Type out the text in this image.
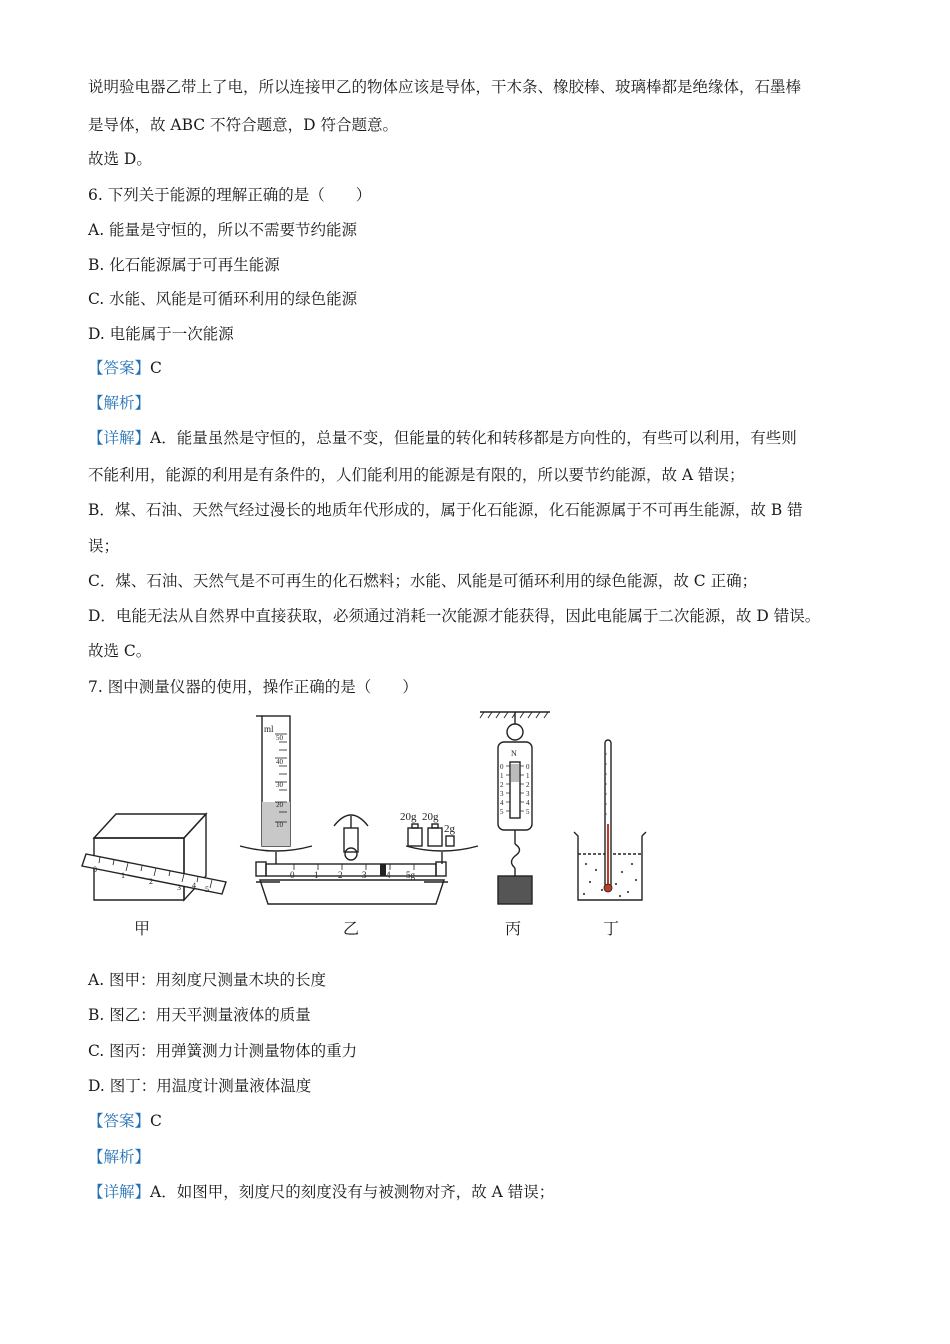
说明验电器乙带上了电，所以连接甲乙的物体应该是导体，干木条、橡胶棒、玻璃棒都是绝缘体，石墨棒
是导体，故 ABC 不符合题意，D 符合题意。
故选 D。
6. 下列关于能源的理解正确的是（　　）
A. 能量是守恒的，所以不需要节约能源
B. 化石能源属于可再生能源
C. 水能、风能是可循环利用的绿色能源
D. 电能属于一次能源
【答案】C
【解析】
【详解】A．能量虽然是守恒的，总量不变，但能量的转化和转移都是方向性的，有些可以利用，有些则
不能利用，能源的利用是有条件的，人们能利用的能源是有限的，所以要节约能源，故 A 错误；
B．煤、石油、天然气经过漫长的地质年代形成的，属于化石能源，化石能源属于不可再生能源，故 B 错
误；
C．煤、石油、天然气是不可再生的化石燃料；水能、风能是可循环利用的绿色能源，故 C 正确；
D．电能无法从自然界中直接获取，必须通过消耗一次能源才能获得，因此电能属于二次能源，故 D 错误。
故选 C。
7. 图中测量仪器的使用，操作正确的是（　　）
0
1
2
3 4 5
ml
50
40
30
20
10
20g 20g
2g
0 1 2 3 4 5g
N
0
1
2
3
4
5
0
1
2
3
4
5
甲	乙	丙	丁
A. 图甲：用刻度尺测量木块的长度
B. 图乙：用天平测量液体的质量
C. 图丙：用弹簧测力计测量物体的重力
D. 图丁：用温度计测量液体温度
【答案】C
【解析】
【详解】A．如图甲，刻度尺的刻度没有与被测物对齐，故 A 错误；
